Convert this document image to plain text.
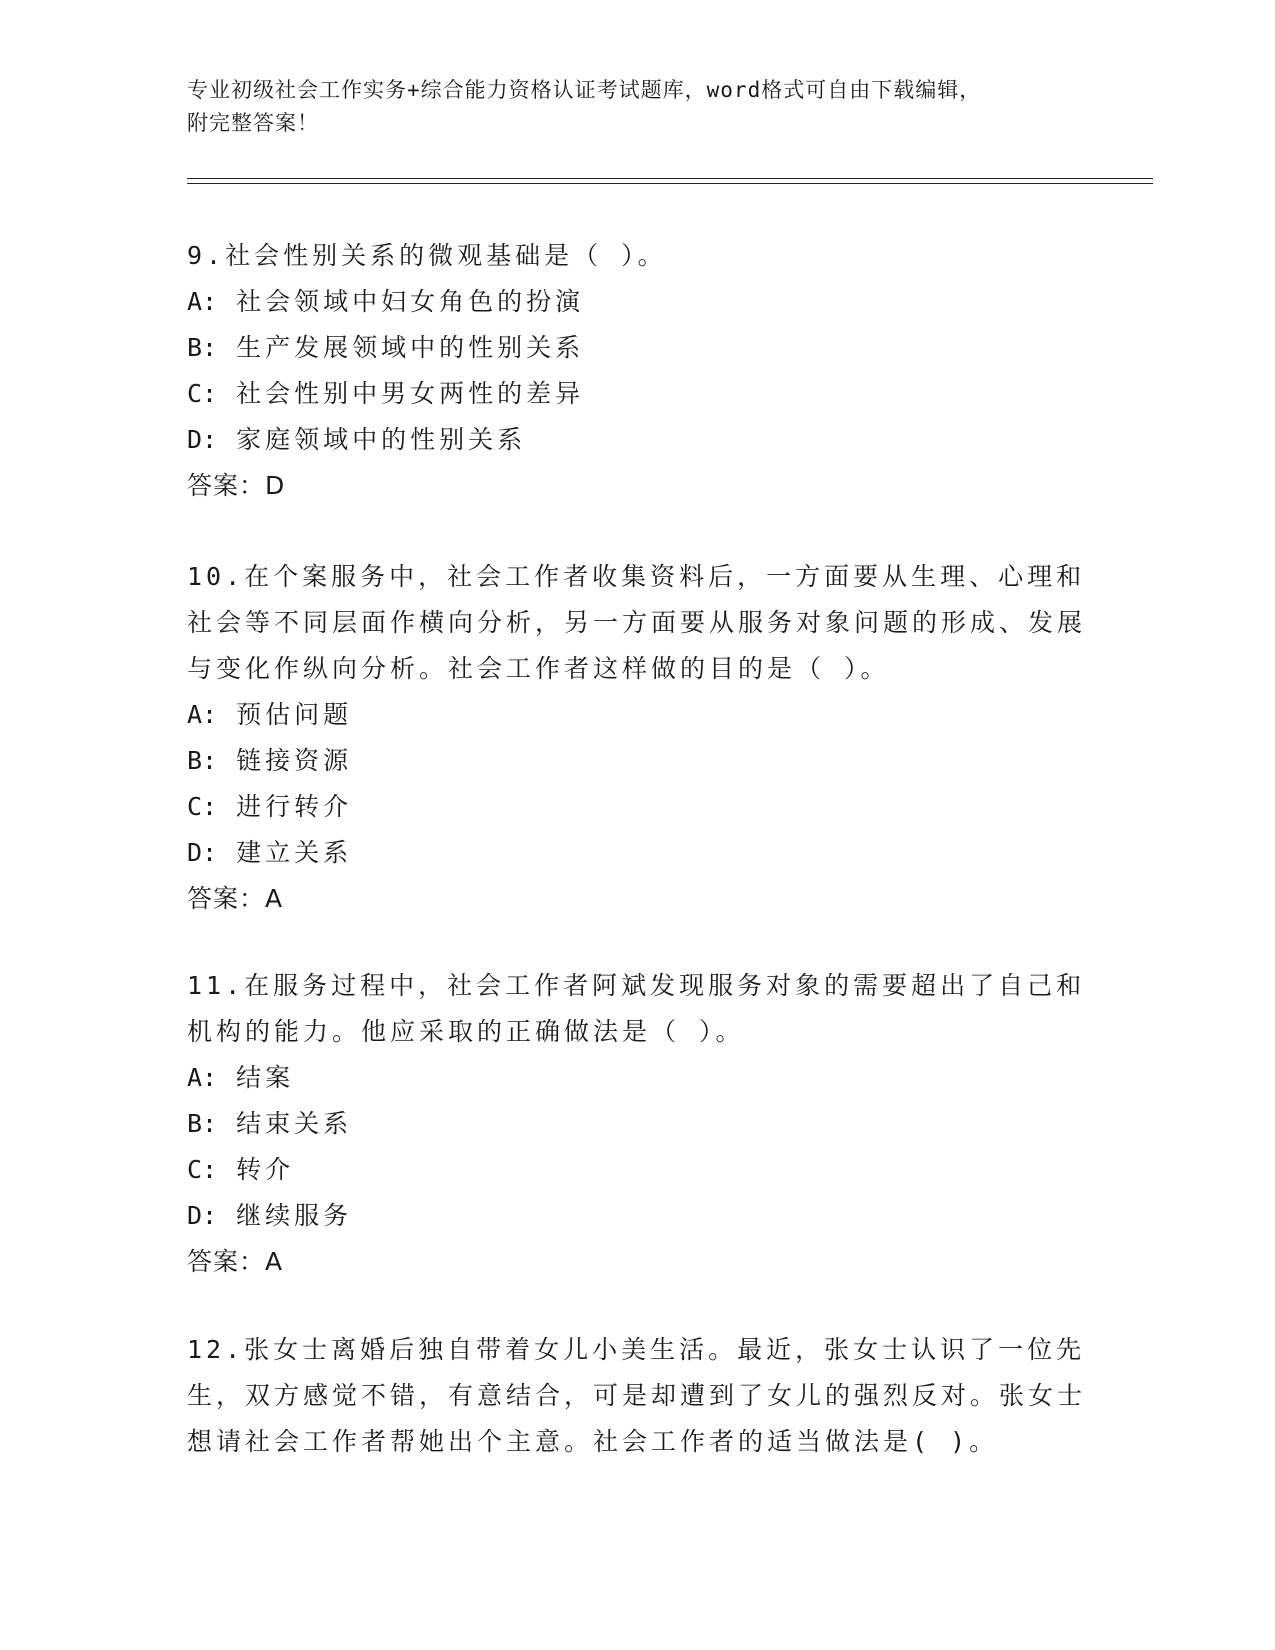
专业初级社会工作实务+综合能力资格认证考试题库，word格式可自由下载编辑，
附完整答案！
9.社会性别关系的微观基础是（ ）。
A: 社会领域中妇女角色的扮演
B: 生产发展领域中的性别关系
C: 社会性别中男女两性的差异
D: 家庭领域中的性别关系
答案：D
10.在个案服务中，社会工作者收集资料后，一方面要从生理、心理和社会等不同层面作横向分析，另一方面要从服务对象问题的形成、发展与变化作纵向分析。社会工作者这样做的目的是（ ）。
A: 预估问题
B: 链接资源
C: 进行转介
D: 建立关系
答案：A
11.在服务过程中，社会工作者阿斌发现服务对象的需要超出了自己和机构的能力。他应采取的正确做法是（ ）。
A: 结案
B: 结束关系
C: 转介
D: 继续服务
答案：A
12.张女士离婚后独自带着女儿小美生活。最近，张女士认识了一位先生，双方感觉不错，有意结合，可是却遭到了女儿的强烈反对。张女士想请社会工作者帮她出个主意。社会工作者的适当做法是( )。
